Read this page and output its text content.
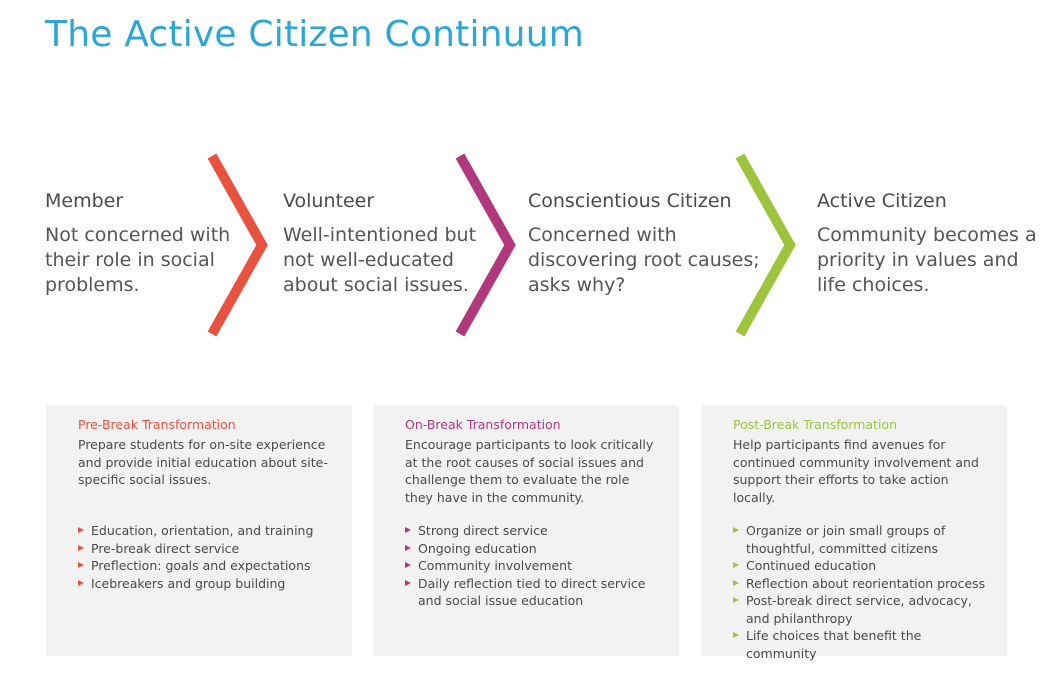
The Active Citizen Continuum
Member
Not concerned with their role in social problems.
Volunteer
Well-intentioned but not well-educated about social issues.
Conscientious Citizen
Concerned with discovering root causes; asks why?
Active Citizen
Community becomes a priority in values and life choices.
Pre-Break Transformation
Prepare students for on-site experience and provide initial education about site-specific social issues.
Education, orientation, and training
Pre-break direct service
Preflection: goals and expectations
Icebreakers and group building
On-Break Transformation
Encourage participants to look critically at the root causes of social issues and challenge them to evaluate the role they have in the community.
Strong direct service
Ongoing education
Community involvement
Daily reflection tied to direct service and social issue education
Post-Break Transformation
Help participants find avenues for continued community involvement and support their efforts to take action locally.
Organize or join small groups of thoughtful, committed citizens
Continued education
Reflection about reorientation process
Post-break direct service, advocacy, and philanthropy
Life choices that benefit the community
